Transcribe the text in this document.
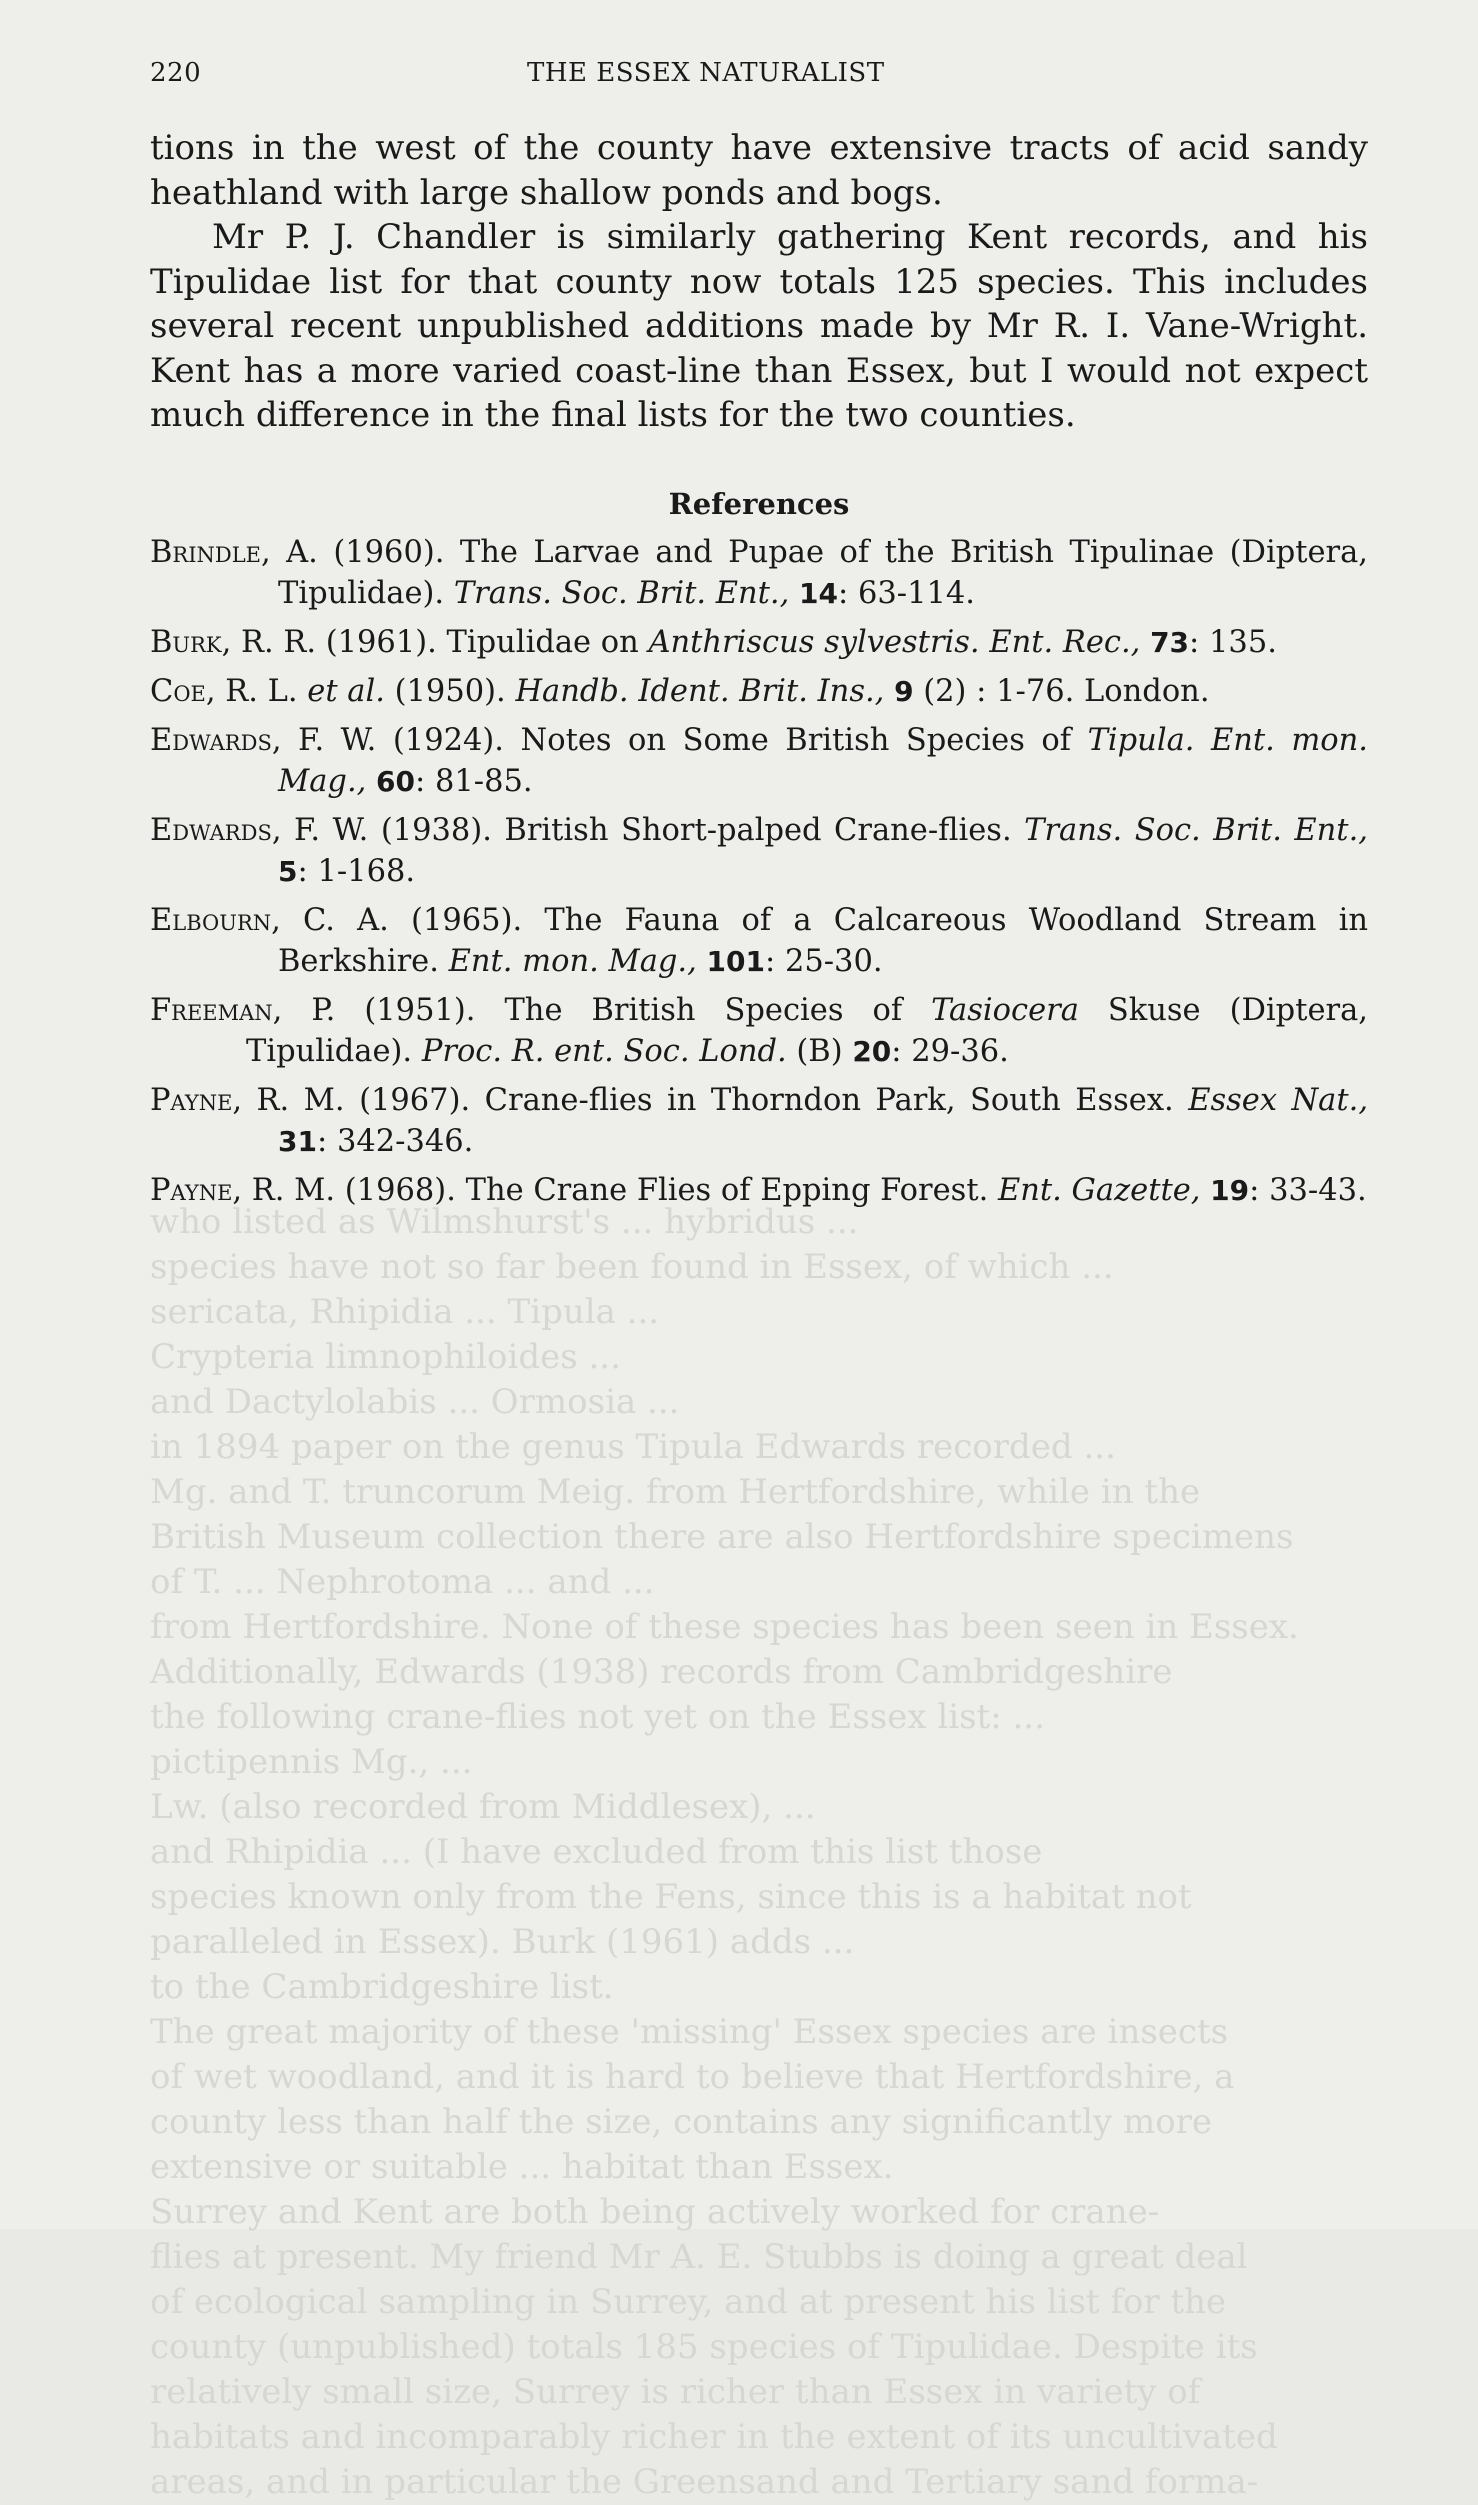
220	THE ESSEX NATURALIST
who listed as Wilmshurst's ... hybridus ...
species have not so far been found in Essex, of which ...
sericata, Rhipidia ... Tipula ...
Crypteria limnophiloides ...
and Dactylolabis ... Ormosia ...
in 1894 paper on the genus Tipula Edwards recorded ...
Mg. and T. truncorum Meig. from Hertfordshire, while in the
British Museum collection there are also Hertfordshire specimens
of T. ... Nephrotoma ... and ...
from Hertfordshire. None of these species has been seen in Essex.
Additionally, Edwards (1938) records from Cambridgeshire
the following crane-flies not yet on the Essex list: ...
pictipennis Mg., ...
Lw. (also recorded from Middlesex), ...
and Rhipidia ... (I have excluded from this list those
species known only from the Fens, since this is a habitat not
paralleled in Essex). Burk (1961) adds ...
to the Cambridgeshire list.
The great majority of these 'missing' Essex species are insects
of wet woodland, and it is hard to believe that Hertfordshire, a
county less than half the size, contains any significantly more
extensive or suitable ... habitat than Essex.
Surrey and Kent are both being actively worked for crane-
flies at present. My friend Mr A. E. Stubbs is doing a great deal
of ecological sampling in Surrey, and at present his list for the
county (unpublished) totals 185 species of Tipulidae. Despite its
relatively small size, Surrey is richer than Essex in variety of
habitats and incomparably richer in the extent of its uncultivated
areas, and in particular the Greensand and Tertiary sand forma-

tions in the west of the county have extensive tracts of acid sandy heathland with large shallow ponds and bogs.

Mr P. J. Chandler is similarly gathering Kent records, and his Tipulidae list for that county now totals 125 species. This includes several recent unpublished additions made by Mr R. I. Vane-Wright. Kent has a more varied coast-line than Essex, but I would not expect much difference in the final lists for the two counties.

References
Brindle, A. (1960). The Larvae and Pupae of the British Tipulinae (Diptera, Tipulidae). Trans. Soc. Brit. Ent., 14: 63-114.
Burk, R. R. (1961). Tipulidae on Anthriscus sylvestris. Ent. Rec., 73: 135.
Coe, R. L. et al. (1950). Handb. Ident. Brit. Ins., 9 (2) : 1-76. London.
Edwards, F. W. (1924). Notes on Some British Species of Tipula. Ent. mon. Mag., 60: 81-85.
Edwards, F. W. (1938). British Short-palped Crane-flies. Trans. Soc. Brit. Ent., 5: 1-168.
Elbourn, C. A. (1965). The Fauna of a Calcareous Woodland Stream in Berkshire. Ent. mon. Mag., 101: 25-30.
Freeman, P. (1951). The British Species of Tasiocera Skuse (Diptera, Tipulidae). Proc. R. ent. Soc. Lond. (B) 20: 29-36.
Payne, R. M. (1967). Crane-flies in Thorndon Park, South Essex. Essex Nat., 31: 342-346.
Payne, R. M. (1968). The Crane Flies of Epping Forest. Ent. Gazette, 19: 33-43.
